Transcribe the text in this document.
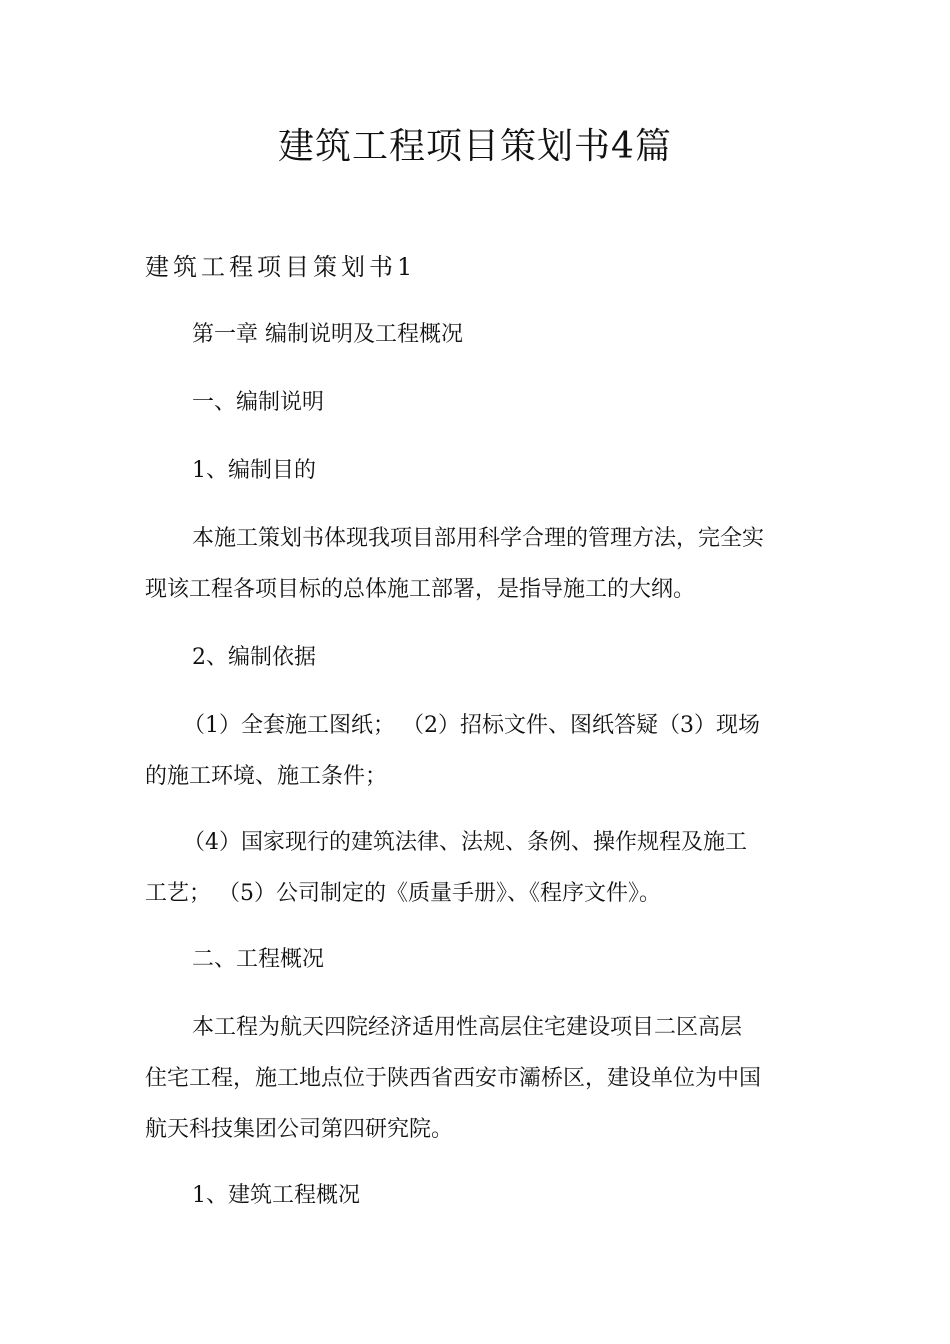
建筑工程项目策划书4篇
建筑工程项目策划书1
第一章 编制说明及工程概况
一、编制说明
1、编制目的
本施工策划书体现我项目部用科学合理的管理方法，完全实
现该工程各项目标的总体施工部署，是指导施工的大纲。
2、编制依据
（1）全套施工图纸； （2）招标文件、图纸答疑（3）现场
的施工环境、施工条件；
（4）国家现行的建筑法律、法规、条例、操作规程及施工
工艺； （5）公司制定的《质量手册》、《程序文件》。
二、工程概况
本工程为航天四院经济适用性高层住宅建设项目二区高层
住宅工程，施工地点位于陕西省西安市灞桥区，建设单位为中国
航天科技集团公司第四研究院。
1、建筑工程概况
